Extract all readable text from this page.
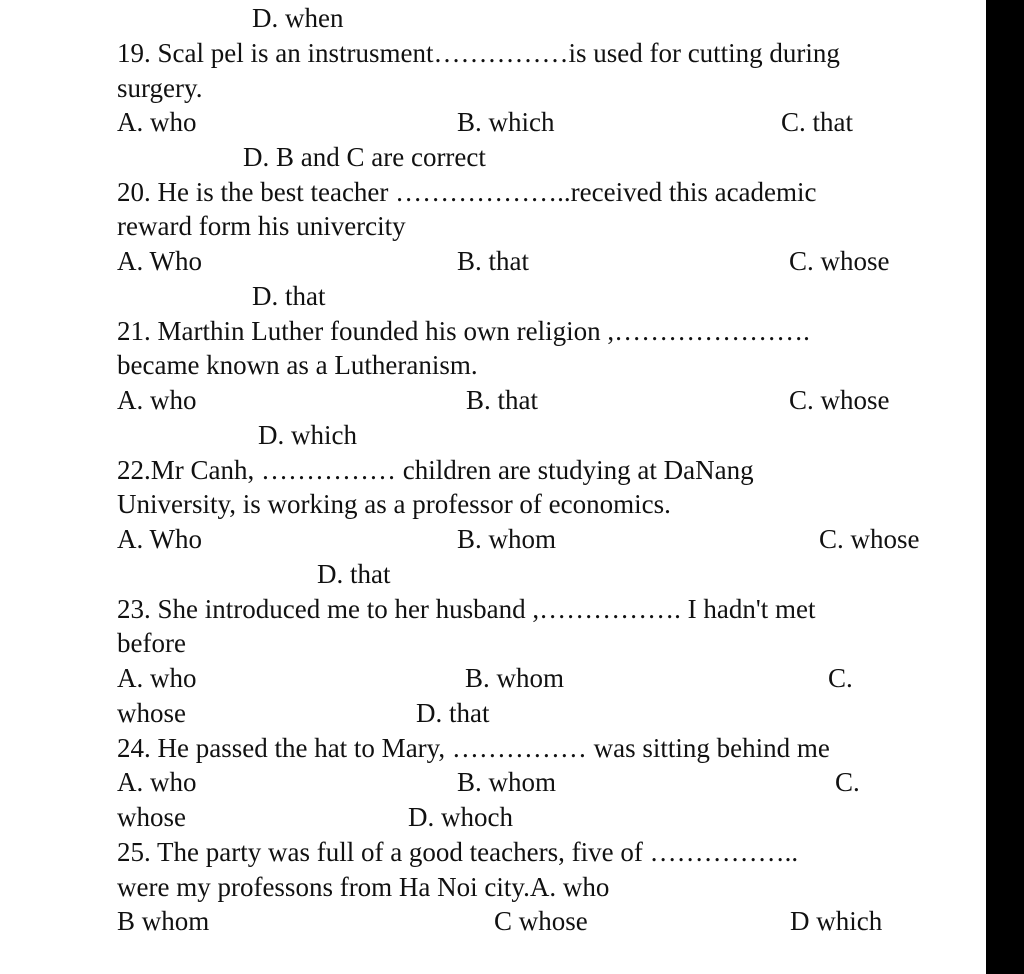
D. when
19. Scal pel is an instrusment……………is used for cutting during
surgery.
A. who	B. which	C. that
D. B and C are correct
20. He is the best teacher ………………..received this academic
reward form his univercity
A. Who	B. that	C. whose
D. that
21. Marthin Luther founded his own religion ,………………….
became known as a Lutheranism.
A. who	B. that	C. whose
D. which
22.Mr Canh, …………… children are studying at DaNang
University, is working as a professor of economics.
A. Who	B. whom	C. whose
D. that
23. She introduced me to her husband ,……………. I hadn't met
before
A. who	B. whom	C.
whose	D. that
24. He passed the hat to Mary, …………… was sitting behind me
A. who	B. whom	C.
whose	D. whoch
25. The party was full of a good teachers, five of ……………..
were my professons from Ha Noi city.A. who
B whom	C whose	D which
